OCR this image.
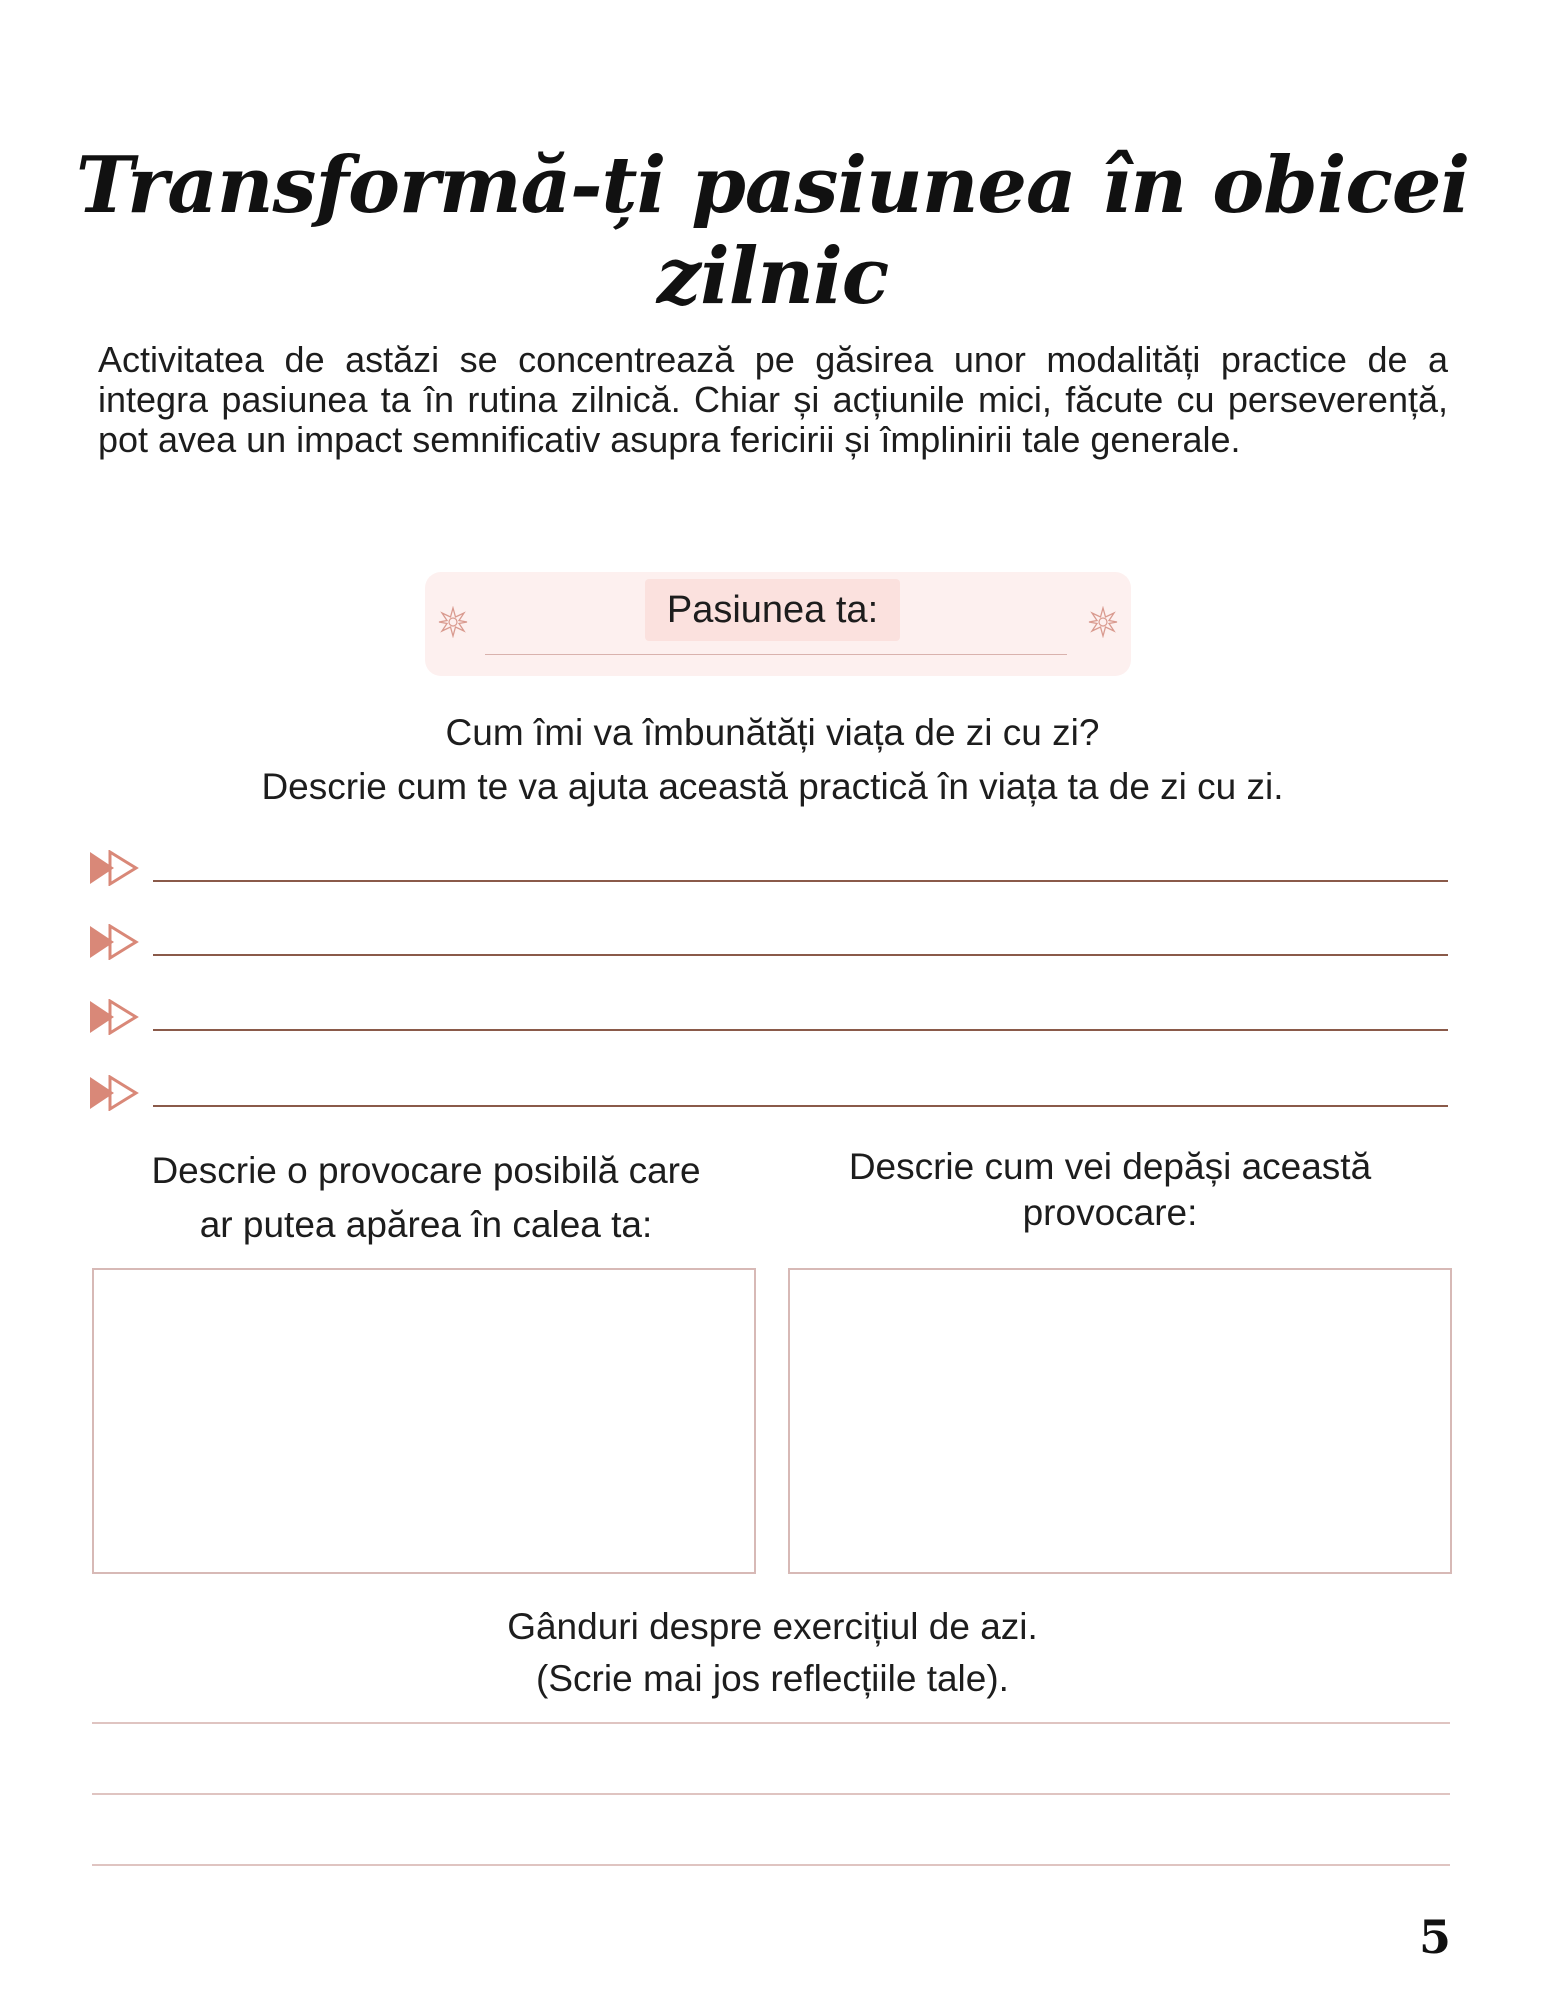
Transformă-ți pasiunea în obicei zilnic

Activitatea de astăzi se concentrează pe găsirea unor modalități practice de a integra pasiunea ta în rutina zilnică. Chiar și acțiunile mici, făcute cu perseverență, pot avea un impact semnificativ asupra fericirii și împlinirii tale generale.

Pasiunea ta:
Cum îmi va îmbunătăți viața de zi cu zi?
Descrie cum te va ajuta această practică în viața ta de zi cu zi.
Descrie o provocare posibilă care
ar putea apărea în calea ta:
Descrie cum vei depăși această
provocare:
Gânduri despre exercițiul de azi.
(Scrie mai jos reflecțiile tale).
5
